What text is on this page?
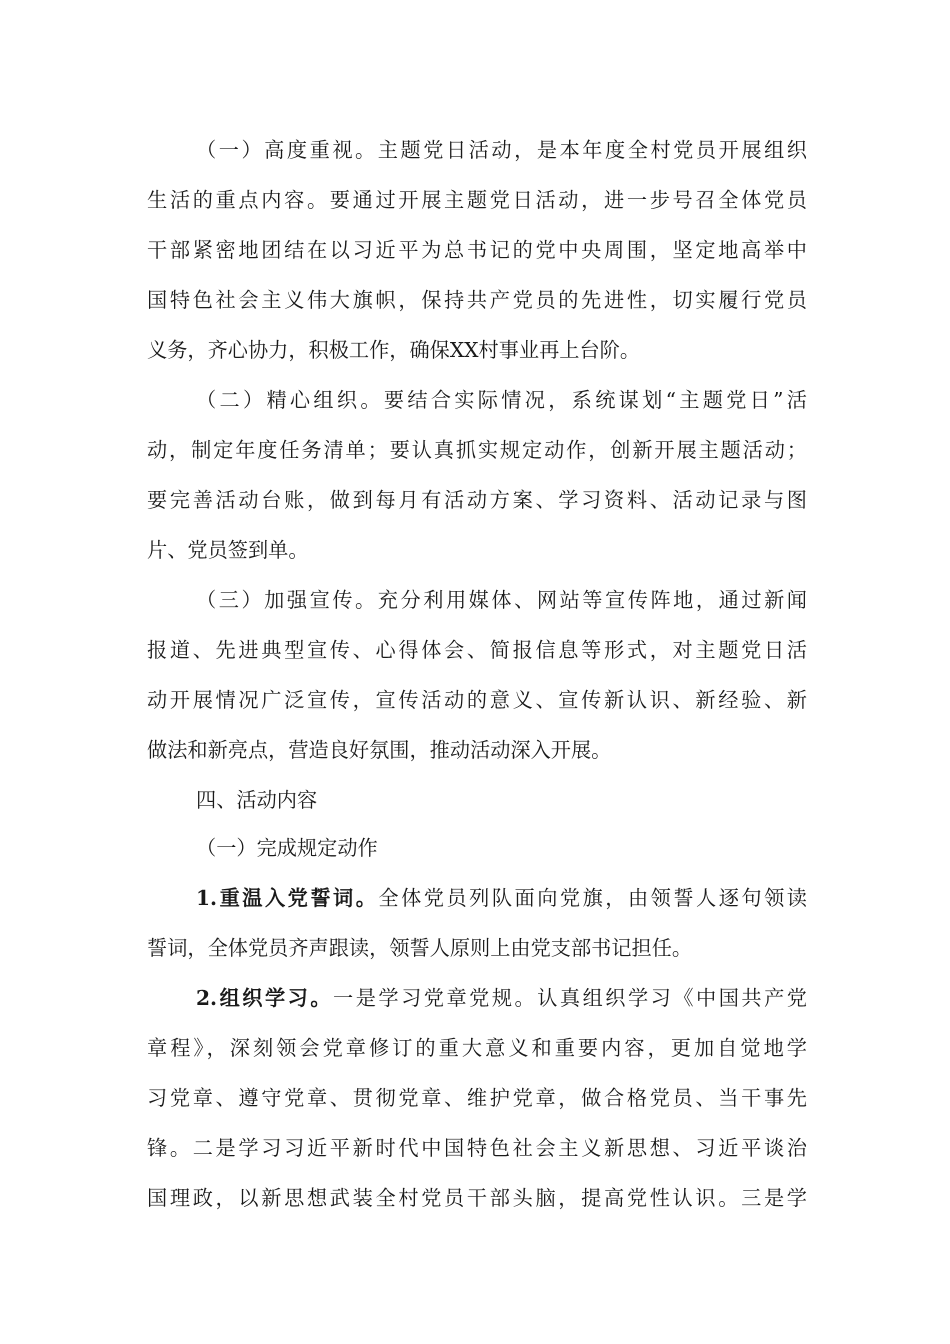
（一）高度重视。主题党日活动，是本年度全村党员开展组织
生活的重点内容。要通过开展主题党日活动，进一步号召全体党员
干部紧密地团结在以习近平为总书记的党中央周围，坚定地高举中
国特色社会主义伟大旗帜，保持共产党员的先进性，切实履行党员
义务，齐心协力，积极工作，确保XX村事业再上台阶。
（二）精心组织。要结合实际情况，系统谋划“主题党日”活
动，制定年度任务清单；要认真抓实规定动作，创新开展主题活动；
要完善活动台账，做到每月有活动方案、学习资料、活动记录与图
片、党员签到单。
（三）加强宣传。充分利用媒体、网站等宣传阵地，通过新闻
报道、先进典型宣传、心得体会、简报信息等形式，对主题党日活
动开展情况广泛宣传，宣传活动的意义、宣传新认识、新经验、新
做法和新亮点，营造良好氛围，推动活动深入开展。
四、活动内容
（一）完成规定动作
1.重温入党誓词。全体党员列队面向党旗，由领誓人逐句领读
誓词，全体党员齐声跟读，领誓人原则上由党支部书记担任。
2.组织学习。一是学习党章党规。认真组织学习《中国共产党
章程》，深刻领会党章修订的重大意义和重要内容，更加自觉地学
习党章、遵守党章、贯彻党章、维护党章，做合格党员、当干事先
锋。二是学习习近平新时代中国特色社会主义新思想、习近平谈治
国理政，以新思想武装全村党员干部头脑，提高党性认识。三是学
